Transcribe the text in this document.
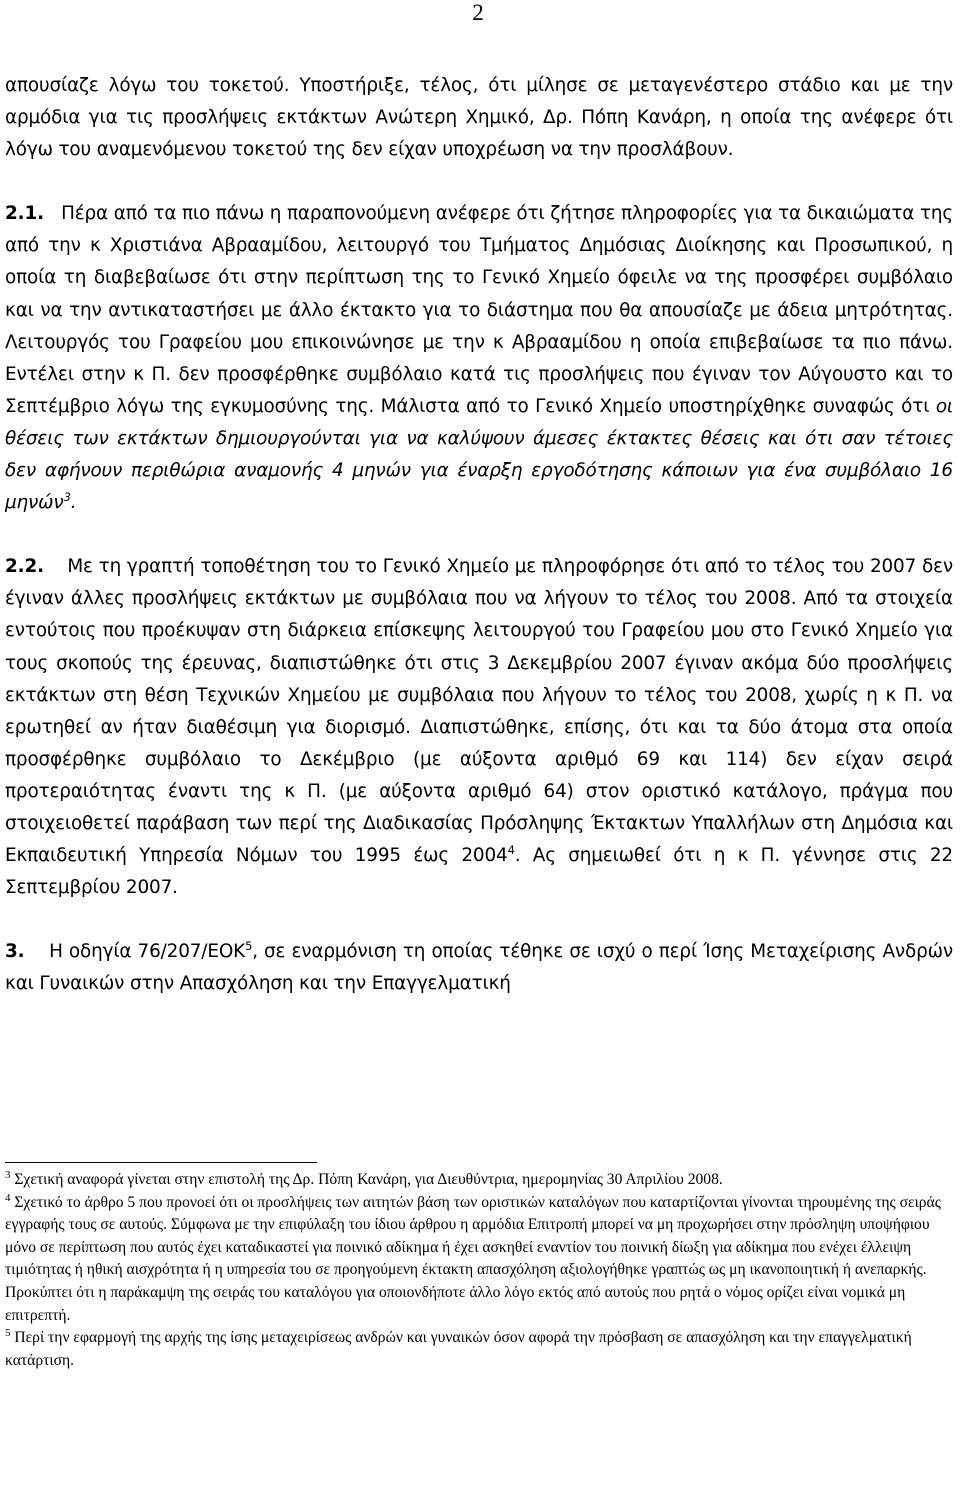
2

απουσίαζε λόγω του τοκετού. Υποστήριξε, τέλος, ότι μίλησε σε μεταγενέστερο στάδιο και με την αρμόδια για τις προσλήψεις εκτάκτων Ανώτερη Χημικό, Δρ. Πόπη Κανάρη, η οποία της ανέφερε ότι λόγω του αναμενόμενου τοκετού της δεν είχαν υποχρέωση να την προσλάβουν.

2.1. Πέρα από τα πιο πάνω η παραπονούμενη ανέφερε ότι ζήτησε πληροφορίες για τα δικαιώματα της από την κ Χριστιάνα Αβρααμίδου, λειτουργό του Τμήματος Δημόσιας Διοίκησης και Προσωπικού, η οποία τη διαβεβαίωσε ότι στην περίπτωση της το Γενικό Χημείο όφειλε να της προσφέρει συμβόλαιο και να την αντικαταστήσει με άλλο έκτακτο για το διάστημα που θα απουσίαζε με άδεια μητρότητας. Λειτουργός του Γραφείου μου επικοινώνησε με την κ Αβρααμίδου η οποία επιβεβαίωσε τα πιο πάνω. Εντέλει στην κ Π. δεν προσφέρθηκε συμβόλαιο κατά τις προσλήψεις που έγιναν τον Αύγουστο και το Σεπτέμβριο λόγω της εγκυμοσύνης της. Μάλιστα από το Γενικό Χημείο υποστηρίχθηκε συναφώς ότι οι θέσεις των εκτάκτων δημιουργούνται για να καλύψουν άμεσες έκτακτες θέσεις και ότι σαν τέτοιες δεν αφήνουν περιθώρια αναμονής 4 μηνών για έναρξη εργοδότησης κάποιων για ένα συμβόλαιο 16 μηνών$^3$.

2.2. Με τη γραπτή τοποθέτηση του το Γενικό Χημείο με πληροφόρησε ότι από το τέλος του 2007 δεν έγιναν άλλες προσλήψεις εκτάκτων με συμβόλαια που να λήγουν το τέλος του 2008. Από τα στοιχεία εντούτοις που προέκυψαν στη διάρκεια επίσκεψης λειτουργού του Γραφείου μου στο Γενικό Χημείο για τους σκοπούς της έρευνας, διαπιστώθηκε ότι στις 3 Δεκεμβρίου 2007 έγιναν ακόμα δύο προσλήψεις εκτάκτων στη θέση Τεχνικών Χημείου με συμβόλαια που λήγουν το τέλος του 2008, χωρίς η κ Π. να ερωτηθεί αν ήταν διαθέσιμη για διορισμό. Διαπιστώθηκε, επίσης, ότι και τα δύο άτομα στα οποία προσφέρθηκε συμβόλαιο το Δεκέμβριο (με αύξοντα αριθμό 69 και 114) δεν είχαν σειρά προτεραιότητας έναντι της κ Π. (με αύξοντα αριθμό 64) στον οριστικό κατάλογο, πράγμα που στοιχειοθετεί παράβαση των περί της Διαδικασίας Πρόσληψης Έκτακτων Υπαλλήλων στη Δημόσια και Εκπαιδευτική Υπηρεσία Νόμων του 1995 έως 2004$^4$. Ας σημειωθεί ότι η κ Π. γέννησε στις 22 Σεπτεμβρίου 2007.

3. Η οδηγία 76/207/ΕΟΚ$^5$, σε εναρμόνιση τη οποίας τέθηκε σε ισχύ ο περί Ίσης Μεταχείρισης Ανδρών και Γυναικών στην Απασχόληση και την Επαγγελματική

$^3$ Σχετική αναφορά γίνεται στην επιστολή της Δρ. Πόπη Κανάρη, για Διευθύντρια, ημερομηνίας 30 Απριλίου 2008.

$^4$ Σχετικό το άρθρο 5 που προνοεί ότι οι προσλήψεις των αιτητών βάση των οριστικών καταλόγων που καταρτίζονται γίνονται τηρουμένης της σειράς εγγραφής τους σε αυτούς. Σύμφωνα με την επιφύλαξη του ίδιου άρθρου η αρμόδια Επιτροπή μπορεί να μη προχωρήσει στην πρόσληψη υποψήφιου μόνο σε περίπτωση που αυτός έχει καταδικαστεί για ποινικό αδίκημα ή έχει ασκηθεί εναντίον του ποινική δίωξη για αδίκημα που ενέχει έλλειψη τιμιότητας ή ηθική αισχρότητα ή η υπηρεσία του σε προηγούμενη έκτακτη απασχόληση αξιολογήθηκε γραπτώς ως μη ικανοποιητική ή ανεπαρκής. Προκύπτει ότι η παράκαμψη της σειράς του καταλόγου για οποιονδήποτε άλλο λόγο εκτός από αυτούς που ρητά ο νόμος ορίζει είναι νομικά μη επιτρεπτή.

$^5$ Περί την εφαρμογή της αρχής της ίσης μεταχειρίσεως ανδρών και γυναικών όσον αφορά την πρόσβαση σε απασχόληση και την επαγγελματική κατάρτιση.
